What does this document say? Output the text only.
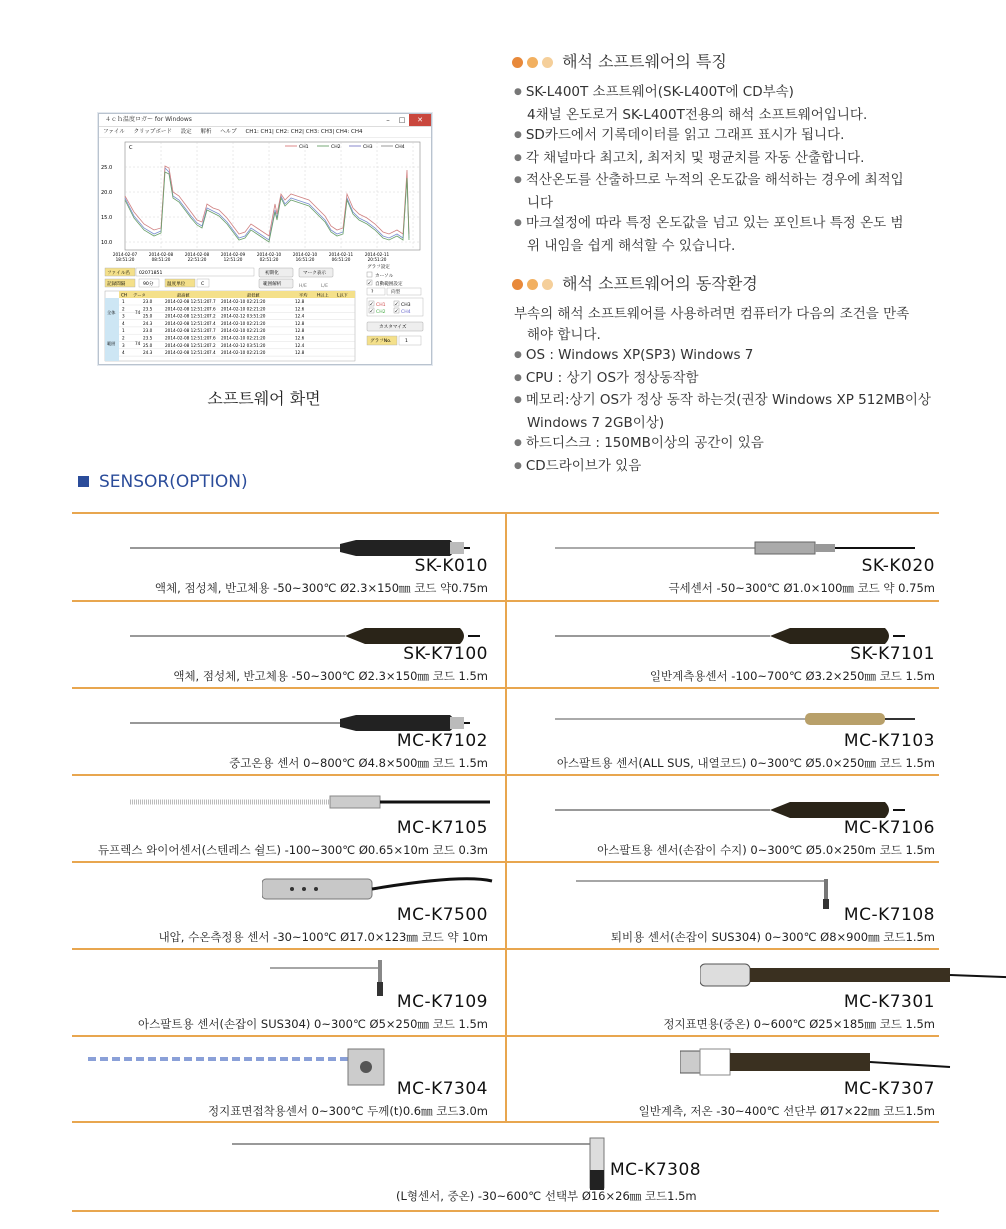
４ｃｈ温度ロガー for Windows	–	□	✕
ファイル クリップボード 設定 解析 ヘルプ CH1: CH1| CH2: CH2| CH3: CH3| CH4: CH4
25.0
20.0
15.0
10.0
C	CH1	CH2	CH3	CH4
2014-02-07
18:51:20
2014-02-08
08:51:20
2014-02-08
22:51:20
2014-02-09
12:51:20
2014-02-10
02:51:20
2014-02-10
16:51:20
2014-02-11
06:51:20
2014-02-11
20:51:20
ファイル名 02071851
記録間隔	90分	温度単位	C
初期化	マーク表示
範囲解析	H/E	L/E
グラフ設定
カーソル
✓ 自動範囲設定
?	向型
✓ CH1 ✓ CH3
✓ CH2 ✓ CH4
カスタマイズ
グラフNo.	1
CH データ	最高値	最低値	平均 H以上 L以下
全体
範囲
74
74
1	23.0	2014-02-08 12:51:20 7.7 2014-02-10 02:21:20	12.8
2	23.5	2014-02-08 12:51:20 7.6 2014-02-10 02:21:20	12.6
3	25.0	2014-02-08 12:51:20 7.2 2014-02-12 03:51:20	12.4
4	24.3	2014-02-08 12:51:20 7.4 2014-02-10 02:21:20	12.8
1	23.0	2014-02-08 12:51:20 7.7 2014-02-10 02:21:20	12.8
2	23.5	2014-02-08 12:51:20 7.6 2014-02-10 02:21:20	12.6
3	25.0	2014-02-08 12:51:20 7.2 2014-02-12 03:51:20	12.4
4	24.3	2014-02-08 12:51:20 7.4 2014-02-10 02:21:20	12.8
소프트웨어 화면
해석 소프트웨어의 특징
● SK-L400T 소프트웨어(SK-L400T에 CD부속)
4채널 온도로거 SK-L400T전용의 해석 소프트웨어입니다.
● SD카드에서 기록데이터를 읽고 그래프 표시가 됩니다.
● 각 채널마다 최고치, 최저치 및 평균치를 자동 산출합니다.
● 적산온도를 산출하므로 누적의 온도값을 해석하는 경우에 최적입
니다
● 마크설정에 따라 특정 온도값을 넘고 있는 포인트나 특정 온도 범
위 내임을 쉽게 해석할 수 있습니다.
해석 소프트웨어의 동작환경
부속의 해석 소프트웨어를 사용하려면 컴퓨터가 다음의 조건을 만족
해야 합니다.
● OS : Windows XP(SP3) Windows 7
● CPU : 상기 OS가 정상동작함
● 메모리:상기 OS가 정상 동작 하는것(권장 Windows XP 512MB이상
Windows 7 2GB이상)
● 하드디스크 : 150MB이상의 공간이 있음
● CD드라이브가 있음
SENSOR(OPTION)
SK-K010
액체, 점성체, 반고체용 -50~300℃ Ø2.3×150㎜ 코드 약0.75m
SK-K020
극세센서 -50~300℃ Ø1.0×100㎜ 코드 약 0.75m
SK-K7100
액체, 점성체, 반고체용 -50~300℃ Ø2.3×150㎜ 코드 1.5m
SK-K7101
일반계측용센서 -100~700℃ Ø3.2×250㎜ 코드 1.5m
MC-K7102
중고온용 센서 0~800℃ Ø4.8×500㎜ 코드 1.5m
MC-K7103
아스팔트용 센서(ALL SUS, 내열코드) 0~300℃ Ø5.0×250㎜ 코드 1.5m
MC-K7105
듀프렉스 와이어센서(스텐레스 쉴드) -100~300℃ Ø0.65×10m 코드 0.3m
MC-K7106
아스팔트용 센서(손잡이 수지) 0~300℃ Ø5.0×250m 코드 1.5m
MC-K7500
내압, 수온측정용 센서 -30~100℃ Ø17.0×123㎜ 코드 약 10m
MC-K7108
퇴비용 센서(손잡이 SUS304) 0~300℃ Ø8×900㎜ 코드1.5m
MC-K7109
아스팔트용 센서(손잡이 SUS304) 0~300℃ Ø5×250㎜ 코드 1.5m
MC-K7301
정지표면용(중온) 0~600℃ Ø25×185㎜ 코드 1.5m
MC-K7304
정지표면접착용센서 0~300℃ 두께(t)0.6㎜ 코드3.0m
MC-K7307
일반계측, 저온 -30~400℃ 선단부 Ø17×22㎜ 코드1.5m
MC-K7308
(L형센서, 중온) -30~600℃ 선택부 Ø16×26㎜ 코드1.5m
